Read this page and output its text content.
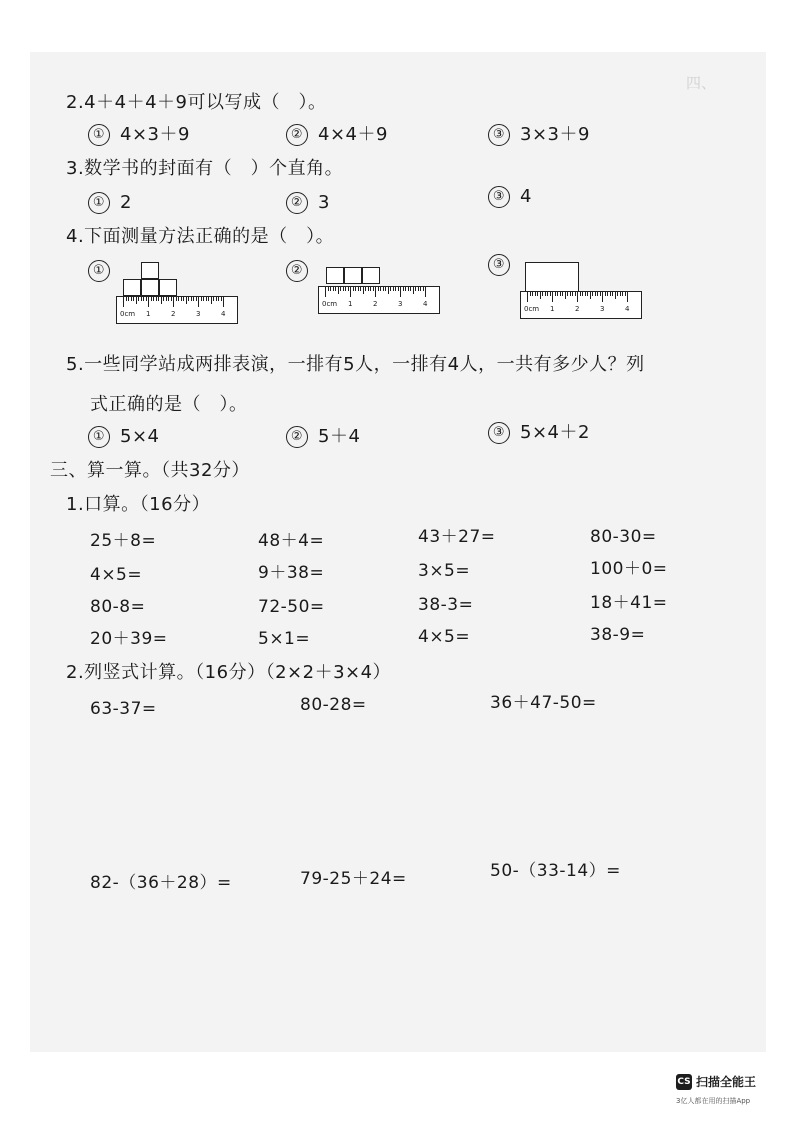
四、
2.4＋4＋4＋9可以写成（　）。
① 4×3＋9	② 4×4＋9	③ 3×3＋9
3.数学书的封面有（　）个直角。
① 2	② 3	③ 4
4.下面测量方法正确的是（　）。
①
0cm 1	2	3	4
②
0cm 1	2	3	4
③
0cm 1	2	3	4
5.一些同学站成两排表演，一排有5人，一排有4人，一共有多少人？列
式正确的是（　）。
① 5×4	② 5＋4	③ 5×4＋2
三、算一算。（共32分）
1.口算。（16分）
25＋8=	48＋4=	43＋27=	80-30=
4×5=	9＋38=	3×5=	100＋0=
80-8=	72-50=	38-3=	18＋41=
20＋39=	5×1=	4×5=	38-9=
2.列竖式计算。（16分）（2×2＋3×4）
63-37=	80-28=	36＋47-50=
82-（36＋28）=	79-25＋24=	50-（33-14）=
CS 扫描全能王
3亿人都在用的扫描App
